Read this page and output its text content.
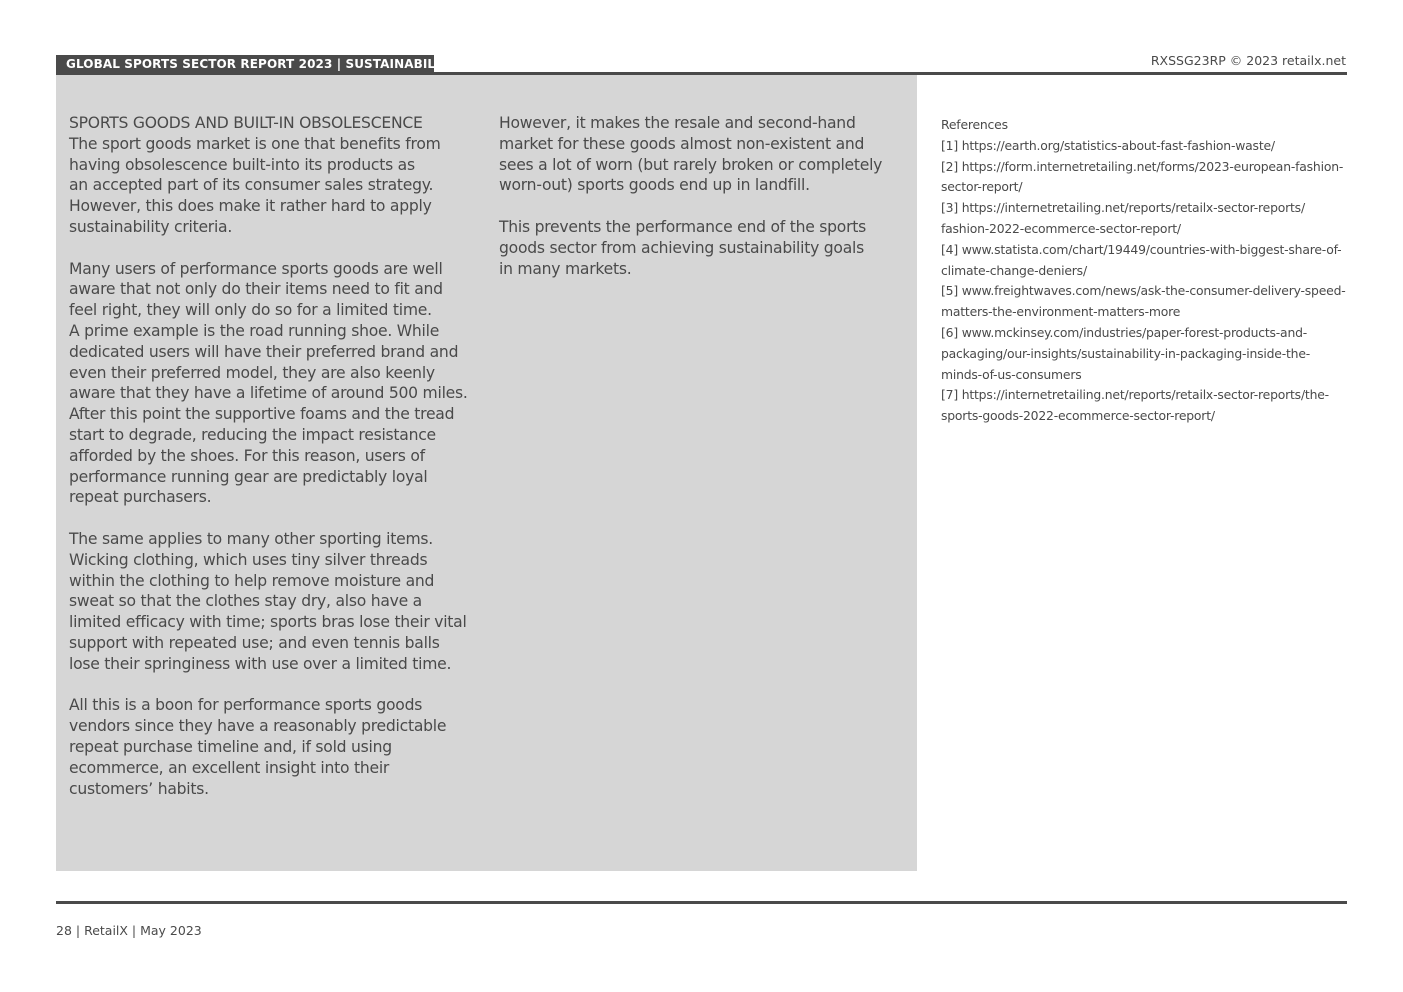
GLOBAL SPORTS SECTOR REPORT 2023 | SUSTAINABILITY	RXSSG23RP © 2023 retailx.net

SPORTS GOODS AND BUILT-IN OBSOLESCENCE
The sport goods market is one that benefits from
having obsolescence built-into its products as
an accepted part of its consumer sales strategy.
However, this does make it rather hard to apply
sustainability criteria.

Many users of performance sports goods are well
aware that not only do their items need to fit and
feel right, they will only do so for a limited time.
A prime example is the road running shoe. While
dedicated users will have their preferred brand and
even their preferred model, they are also keenly
aware that they have a lifetime of around 500 miles.
After this point the supportive foams and the tread
start to degrade, reducing the impact resistance
afforded by the shoes. For this reason, users of
performance running gear are predictably loyal
repeat purchasers.

The same applies to many other sporting items.
Wicking clothing, which uses tiny silver threads
within the clothing to help remove moisture and
sweat so that the clothes stay dry, also have a
limited efficacy with time; sports bras lose their vital
support with repeated use; and even tennis balls
lose their springiness with use over a limited time.

All this is a boon for performance sports goods
vendors since they have a reasonably predictable
repeat purchase timeline and, if sold using
ecommerce, an excellent insight into their
customers’ habits.

However, it makes the resale and second-hand
market for these goods almost non-existent and
sees a lot of worn (but rarely broken or completely
worn-out) sports goods end up in landfill.

This prevents the performance end of the sports
goods sector from achieving sustainability goals
in many markets.

References
[1] https://earth.org/statistics-about-fast-fashion-waste/
[2] https://form.internetretailing.net/forms/2023-european-fashion-
sector-report/
[3] https://internetretailing.net/reports/retailx-sector-reports/
fashion-2022-ecommerce-sector-report/
[4] www.statista.com/chart/19449/countries-with-biggest-share-of-
climate-change-deniers/
[5] www.freightwaves.com/news/ask-the-consumer-delivery-speed-
matters-the-environment-matters-more
[6] www.mckinsey.com/industries/paper-forest-products-and-
packaging/our-insights/sustainability-in-packaging-inside-the-
minds-of-us-consumers
[7] https://internetretailing.net/reports/retailx-sector-reports/the-
sports-goods-2022-ecommerce-sector-report/
28 | RetailX | May 2023
